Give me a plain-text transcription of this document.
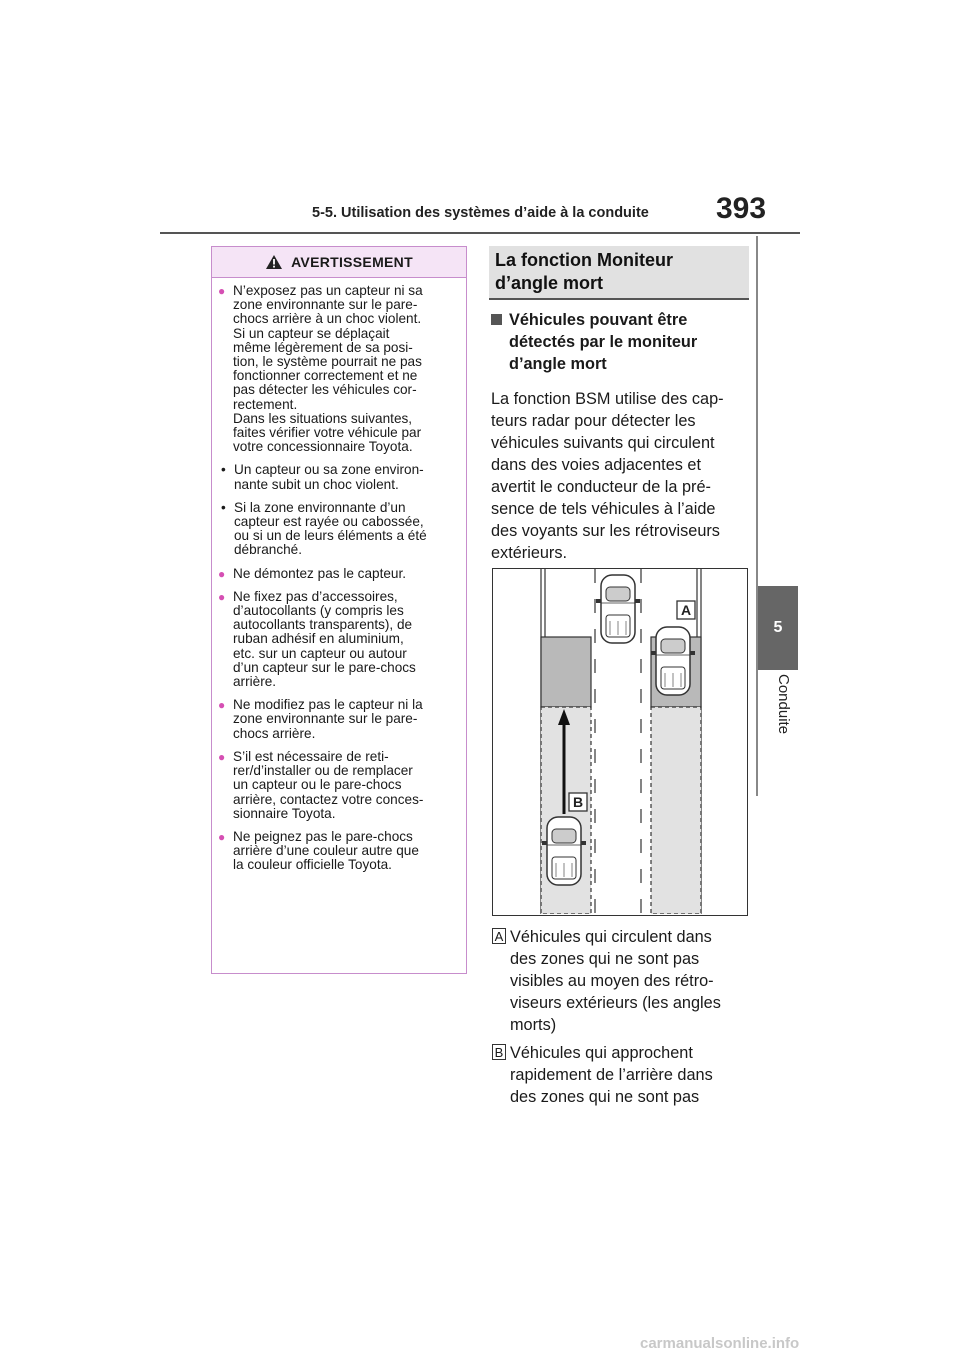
5-5. Utilisation des systèmes d’aide à la conduite	393
5
Conduite
AVERTISSEMENT
● N’exposez pas un capteur ni sa
zone environnante sur le pare-
chocs arrière à un choc violent.
Si un capteur se déplaçait
même légèrement de sa posi-
tion, le système pourrait ne pas
fonctionner correctement et ne
pas détecter les véhicules cor-
rectement.
Dans les situations suivantes,
faites vérifier votre véhicule par
votre concessionnaire Toyota.
• Un capteur ou sa zone environ-
nante subit un choc violent.
• Si la zone environnante d’un
capteur est rayée ou cabossée,
ou si un de leurs éléments a été
débranché.
● Ne démontez pas le capteur.
● Ne fixez pas d’accessoires,
d’autocollants (y compris les
autocollants transparents), de
ruban adhésif en aluminium,
etc. sur un capteur ou autour
d’un capteur sur le pare-chocs
arrière.
● Ne modifiez pas le capteur ni la
zone environnante sur le pare-
chocs arrière.
● S’il est nécessaire de reti-
rer/d’installer ou de remplacer
un capteur ou le pare-chocs
arrière, contactez votre conces-
sionnaire Toyota.
● Ne peignez pas le pare-chocs
arrière d’une couleur autre que
la couleur officielle Toyota.
La fonction Moniteur
d’angle mort
Véhicules pouvant être
détectés par le moniteur
d’angle mort
La fonction BSM utilise des cap-
teurs radar pour détecter les
véhicules suivants qui circulent
dans des voies adjacentes et
avertit le conducteur de la pré-
sence de tels véhicules à l’aide
des voyants sur les rétroviseurs
extérieurs.
A
B
A Véhicules qui circulent dans
des zones qui ne sont pas
visibles au moyen des rétro-
viseurs extérieurs (les angles
morts)
B Véhicules qui approchent
rapidement de l’arrière dans
des zones qui ne sont pas
carmanualsonline.info
